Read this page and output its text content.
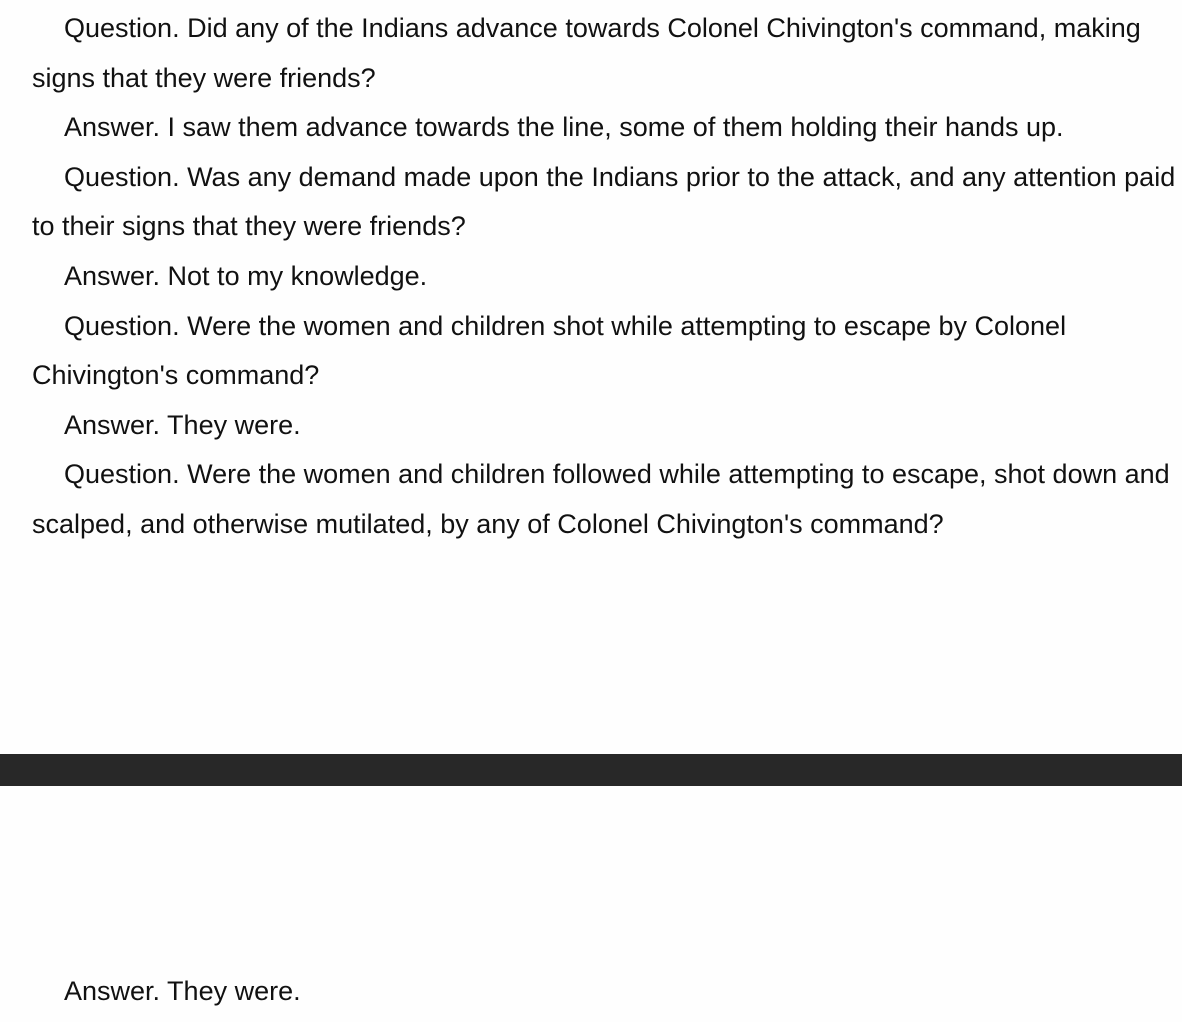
Question. Did any of the Indians advance towards Colonel Chivington's command, making signs that they were friends?

Answer. I saw them advance towards the line, some of them holding their hands up.

Question. Was any demand made upon the Indians prior to the attack, and any attention paid to their signs that they were friends?

Answer. Not to my knowledge.

Question. Were the women and children shot while attempting to escape by Colonel Chivington's command?

Answer. They were.

Question. Were the women and children followed while attempting to escape, shot down and scalped, and otherwise mutilated, by any of Colonel Chivington's command?

Answer. They were.
